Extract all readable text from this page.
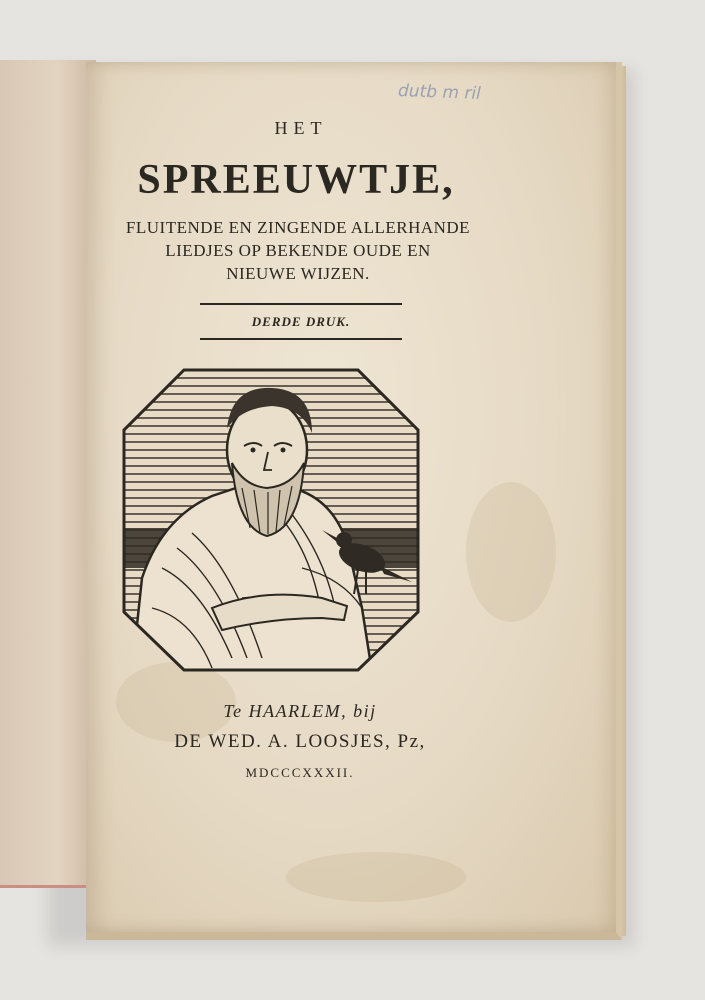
dutb m ril
HET
SPREEUWTJE,
FLUITENDE EN ZINGENDE ALLERHANDE
LIEDJES OP BEKENDE OUDE EN
NIEUWE WIJZEN.
DERDE DRUK.
Te HAARLEM, bij
DE WED. A. LOOSJES, Pz,
MDCCCXXXII.
